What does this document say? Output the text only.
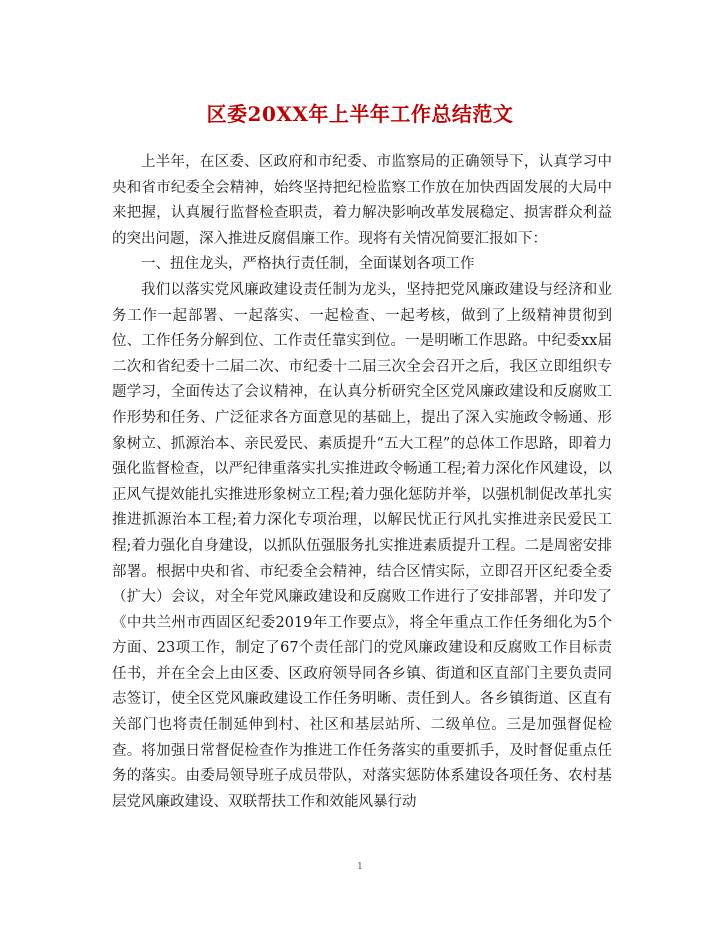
区委20XX年上半年工作总结范文

上半年，在区委、区政府和市纪委、市监察局的正确领导下，认真学习中央和省市纪委全会精神，始终坚持把纪检监察工作放在加快西固发展的大局中来把握，认真履行监督检查职责，着力解决影响改革发展稳定、损害群众利益的突出问题，深入推进反腐倡廉工作。现将有关情况简要汇报如下：

一、扭住龙头，严格执行责任制，全面谋划各项工作

我们以落实党风廉政建设责任制为龙头，坚持把党风廉政建设与经济和业务工作一起部署、一起落实、一起检查、一起考核，做到了上级精神贯彻到位、工作任务分解到位、工作责任靠实到位。一是明晰工作思路。中纪委xx届二次和省纪委十二届二次、市纪委十二届三次全会召开之后，我区立即组织专题学习，全面传达了会议精神，在认真分析研究全区党风廉政建设和反腐败工作形势和任务、广泛征求各方面意见的基础上，提出了深入实施政令畅通、形象树立、抓源治本、亲民爱民、素质提升“五大工程”的总体工作思路，即着力强化监督检查，以严纪律重落实扎实推进政令畅通工程;着力深化作风建设，以正风气提效能扎实推进形象树立工程;着力强化惩防并举，以强机制促改革扎实推进抓源治本工程;着力深化专项治理，以解民忧正行风扎实推进亲民爱民工程;着力强化自身建设，以抓队伍强服务扎实推进素质提升工程。二是周密安排部署。根据中央和省、市纪委全会精神，结合区情实际，立即召开区纪委全委（扩大）会议，对全年党风廉政建设和反腐败工作进行了安排部署，并印发了《中共兰州市西固区纪委2019年工作要点》，将全年重点工作任务细化为5个方面、23项工作，制定了67个责任部门的党风廉政建设和反腐败工作目标责任书，并在全会上由区委、区政府领导同各乡镇、街道和区直部门主要负责同志签订，使全区党风廉政建设工作任务明晰、责任到人。各乡镇街道、区直有关部门也将责任制延伸到村、社区和基层站所、二级单位。三是加强督促检查。将加强日常督促检查作为推进工作任务落实的重要抓手，及时督促重点任务的落实。由委局领导班子成员带队，对落实惩防体系建设各项任务、农村基层党风廉政建设、双联帮扶工作和效能风暴行动

1
